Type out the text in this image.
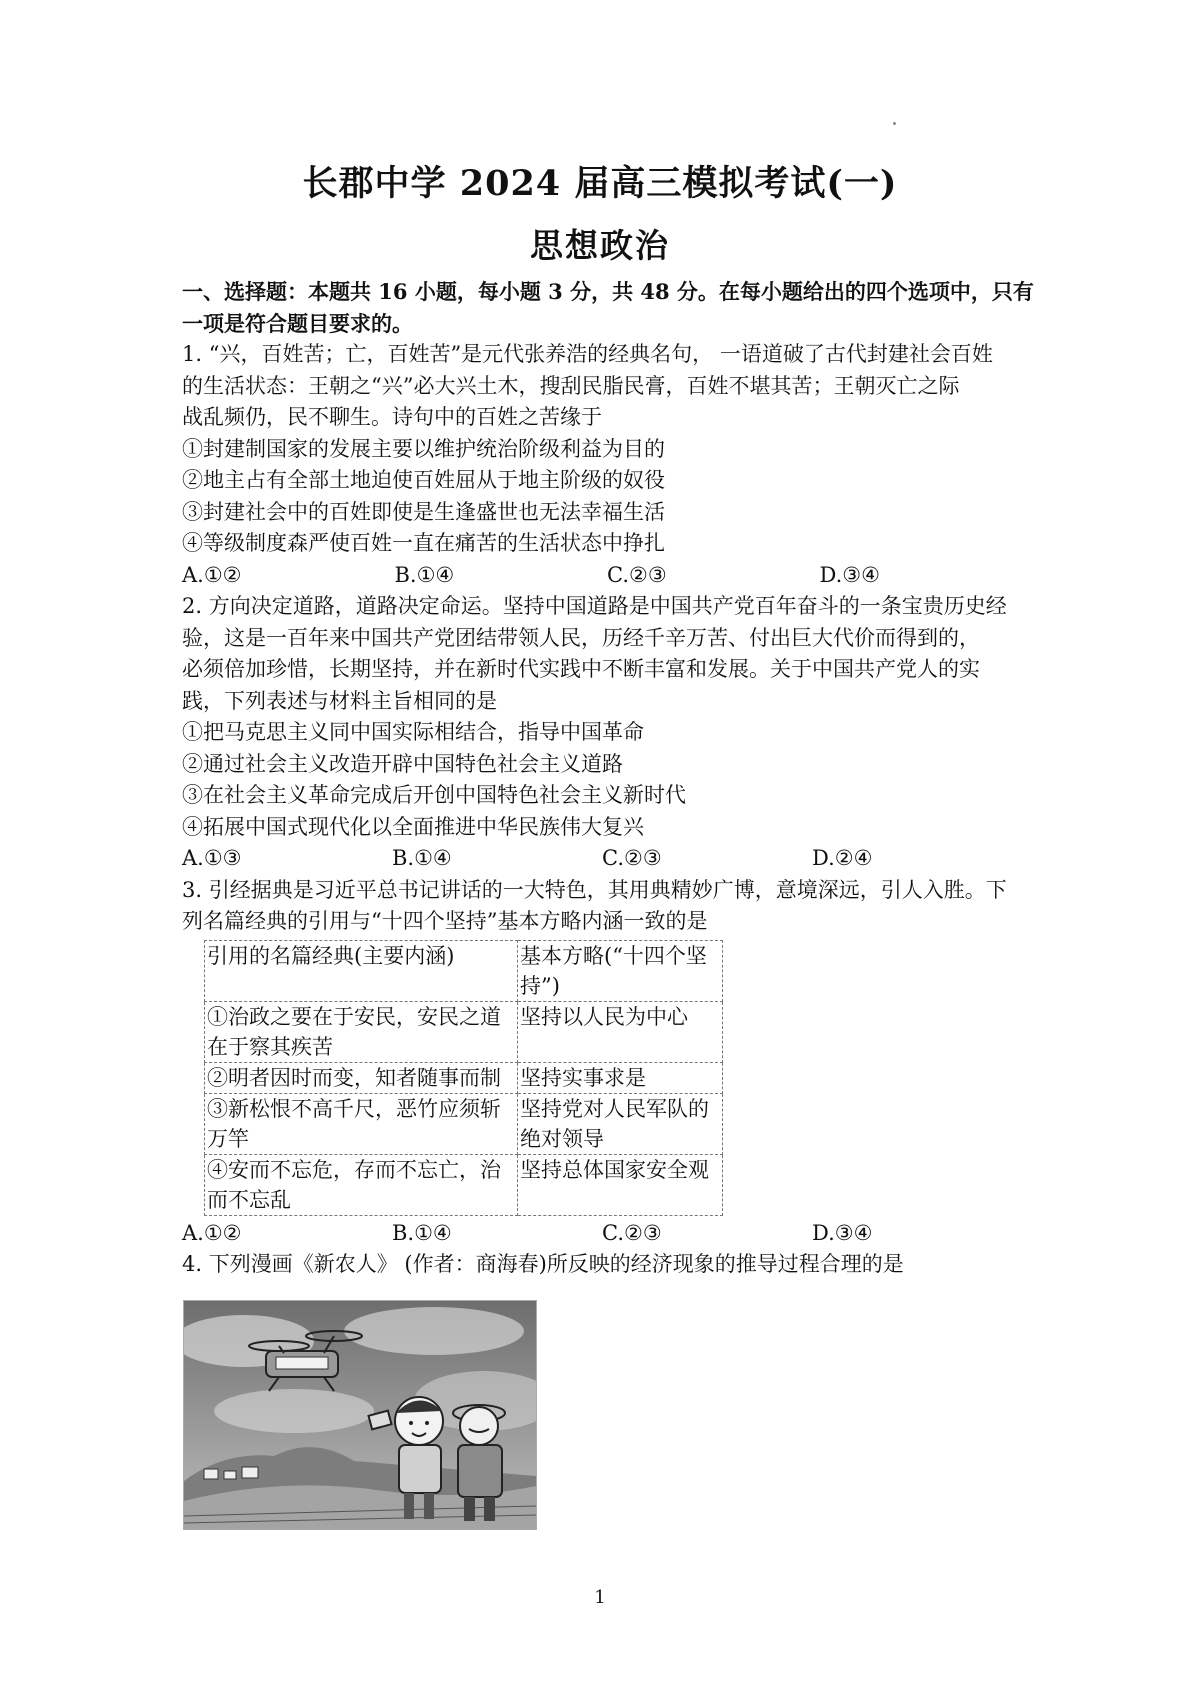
长郡中学 2024 届高三模拟考试(一)
思想政治
一、选择题：本题共 16 小题，每小题 3 分，共 48 分。在每小题给出的四个选项中，只有
一项是符合题目要求的。
1. “兴，百姓苦；亡，百姓苦”是元代张养浩的经典名句， 一语道破了古代封建社会百姓
的生活状态：王朝之“兴”必大兴土木，搜刮民脂民膏，百姓不堪其苦；王朝灭亡之际
战乱频仍，民不聊生。诗句中的百姓之苦缘于
①封建制国家的发展主要以维护统治阶级利益为目的
②地主占有全部土地迫使百姓屈从于地主阶级的奴役
③封建社会中的百姓即使是生逢盛世也无法幸福生活
④等级制度森严使百姓一直在痛苦的生活状态中挣扎
A.①②	B.①④	C.②③	D.③④
2. 方向决定道路，道路决定命运。坚持中国道路是中国共产党百年奋斗的一条宝贵历史经
验，这是一百年来中国共产党团结带领人民，历经千辛万苦、付出巨大代价而得到的，
必须倍加珍惜，长期坚持，并在新时代实践中不断丰富和发展。关于中国共产党人的实
践，下列表述与材料主旨相同的是
①把马克思主义同中国实际相结合，指导中国革命
②通过社会主义改造开辟中国特色社会主义道路
③在社会主义革命完成后开创中国特色社会主义新时代
④拓展中国式现代化以全面推进中华民族伟大复兴
A.①③	B.①④	C.②③	D.②④
3. 引经据典是习近平总书记讲话的一大特色，其用典精妙广博，意境深远，引人入胜。下
列名篇经典的引用与“十四个坚持”基本方略内涵一致的是
引用的名篇经典(主要内涵)	基本方略(“十四个坚持”)
①治政之要在于安民，安民之道在于察其疾苦	坚持以人民为中心
②明者因时而变，知者随事而制	坚持实事求是
③新松恨不高千尺，恶竹应须斩万竿	坚持党对人民军队的绝对领导
④安而不忘危，存而不忘亡，治而不忘乱	坚持总体国家安全观
A.①②	B.①④	C.②③	D.③④
4. 下列漫画《新农人》 (作者：商海春)所反映的经济现象的推导过程合理的是
1
